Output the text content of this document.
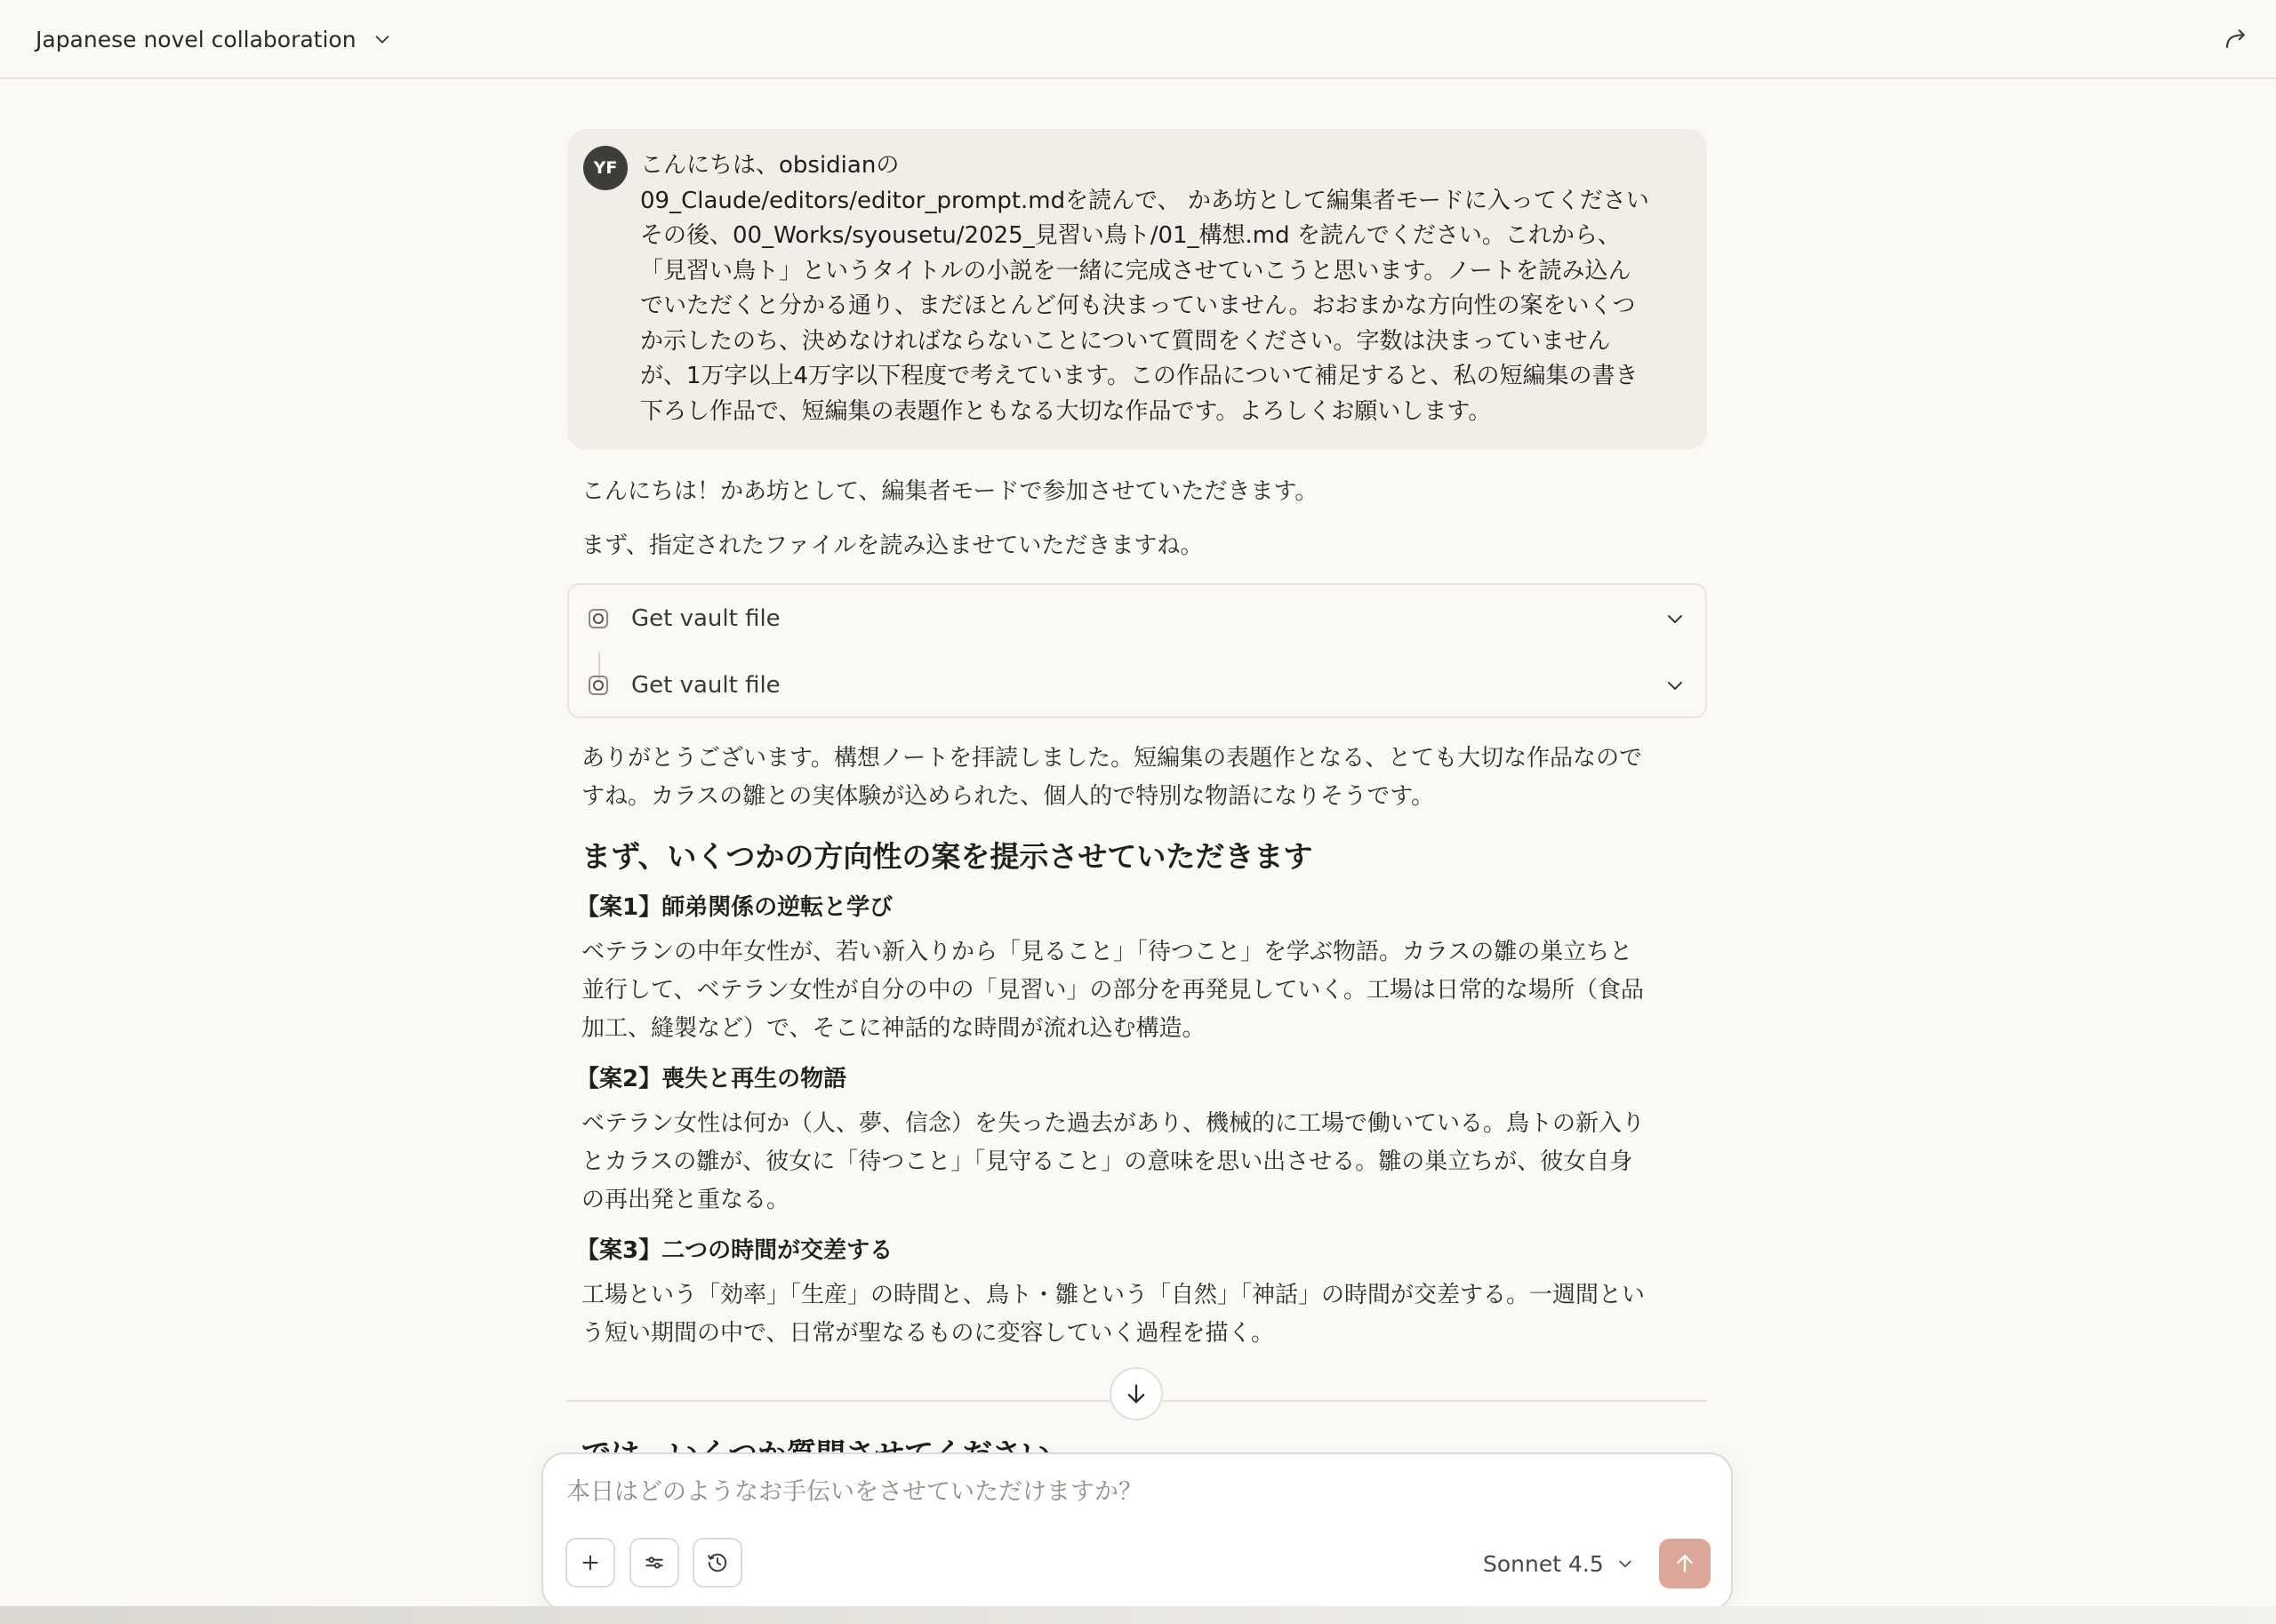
Japanese novel collaboration
YF こんにちは、obsidianの
09_Claude/editors/editor_prompt.mdを読んで、 かあ坊として編集者モードに入ってください
その後、00_Works/syousetu/2025_見習い鳥ト/01_構想.md を読んでください。これから、
「見習い鳥ト」というタイトルの小説を一緒に完成させていこうと思います。ノートを読み込ん
でいただくと分かる通り、まだほとんど何も決まっていません。おおまかな方向性の案をいくつ
か示したのち、決めなければならないことについて質問をください。字数は決まっていません
が、1万字以上4万字以下程度で考えています。この作品について補足すると、私の短編集の書き
下ろし作品で、短編集の表題作ともなる大切な作品です。よろしくお願いします。
こんにちは！かあ坊として、編集者モードで参加させていただきます。
まず、指定されたファイルを読み込ませていただきますね。
Get vault file
Get vault file
ありがとうございます。構想ノートを拝読しました。短編集の表題作となる、とても大切な作品なので
すね。カラスの雛との実体験が込められた、個人的で特別な物語になりそうです。
まず、いくつかの方向性の案を提示させていただきます
【案1】師弟関係の逆転と学び
ベテランの中年女性が、若い新入りから「見ること」「待つこと」を学ぶ物語。カラスの雛の巣立ちと
並行して、ベテラン女性が自分の中の「見習い」の部分を再発見していく。工場は日常的な場所（食品
加工、縫製など）で、そこに神話的な時間が流れ込む構造。
【案2】喪失と再生の物語
ベテラン女性は何か（人、夢、信念）を失った過去があり、機械的に工場で働いている。鳥トの新入り
とカラスの雛が、彼女に「待つこと」「見守ること」の意味を思い出させる。雛の巣立ちが、彼女自身
の再出発と重なる。
【案3】二つの時間が交差する
工場という「効率」「生産」の時間と、鳥ト・雛という「自然」「神話」の時間が交差する。一週間とい
う短い期間の中で、日常が聖なるものに変容していく過程を描く。
本日はどのようなお手伝いをさせていただけますか？
Sonnet 4.5
